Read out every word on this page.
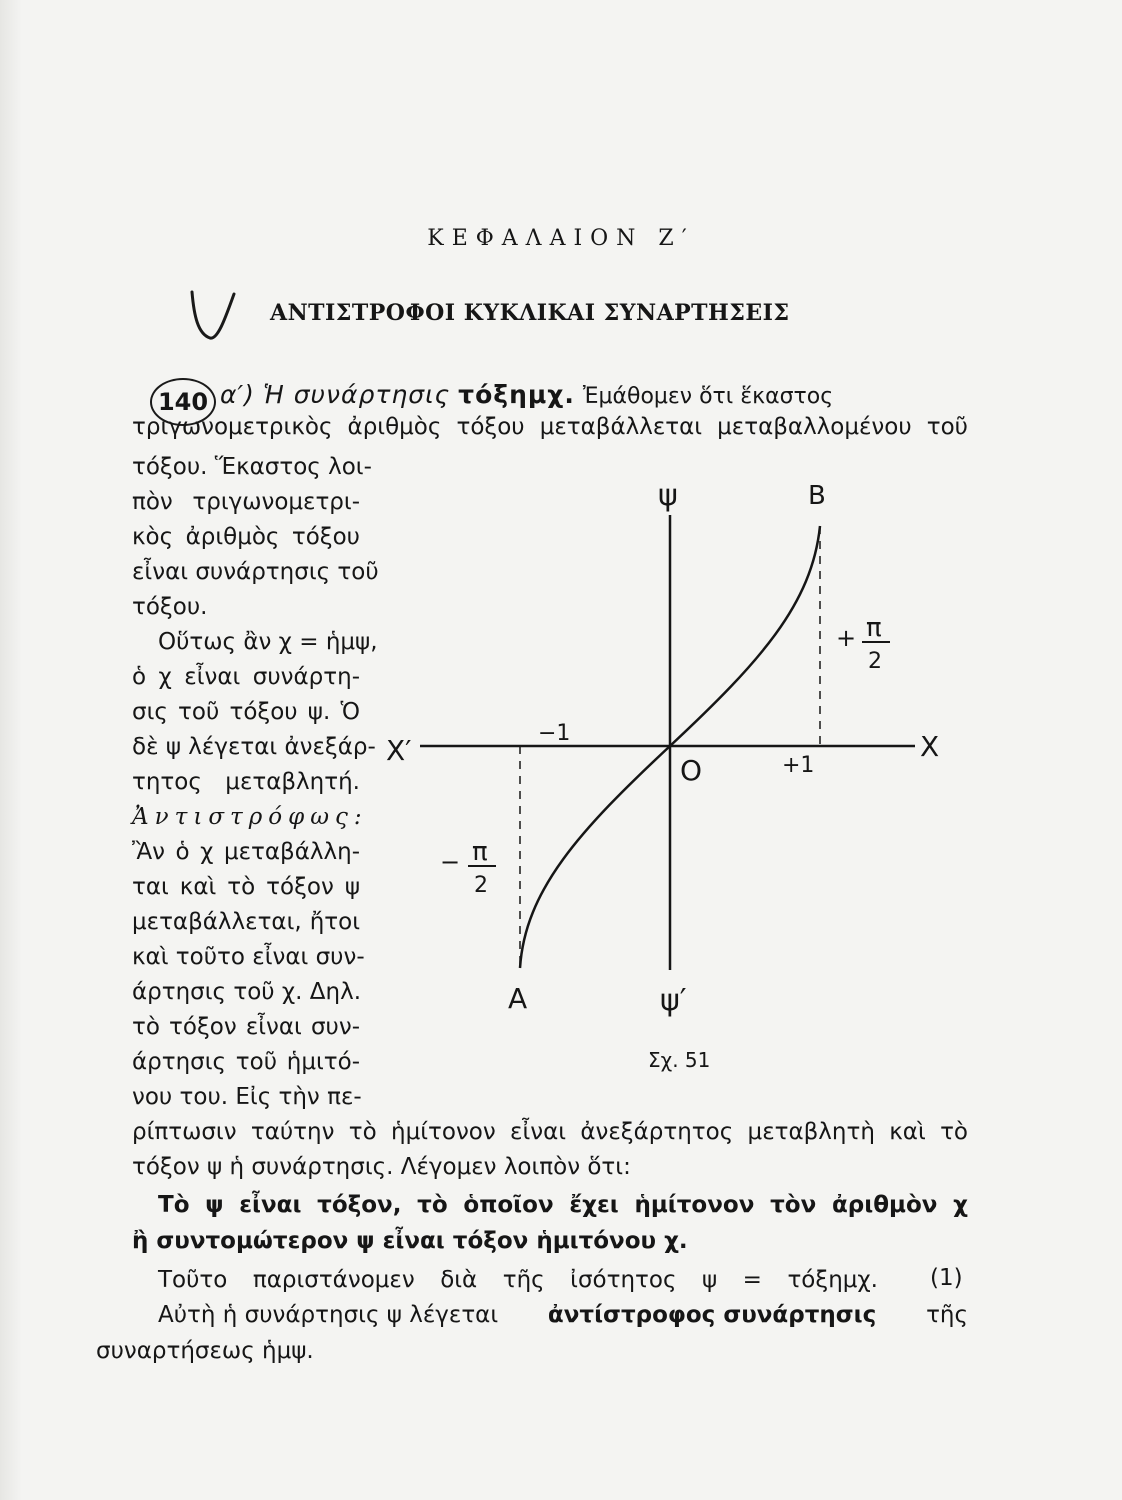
ΚΕΦΑΛΑΙΟΝ Ζ′
ΑΝΤΙΣΤΡΟΦΟΙ ΚΥΚΛΙΚΑΙ ΣΥΝΑΡΤΗΣΕΙΣ
140 α′) Ἡ συνάρτησις τόξημχ. Ἐμάθομεν ὅτι ἕκαστος
τριγωνομετρικὸς ἀριθμὸς τόξου μεταβάλλεται μεταβαλλομένου τοῦ
τόξου. Ἕκαστος λοι-
πὸν τριγωνομετρι-
κὸς ἀριθμὸς τόξου
εἶναι συνάρτησις τοῦ
τόξου.
Οὕτως ἂν χ = ἡμψ,
ὁ χ εἶναι συνάρτη-
σις τοῦ τόξου ψ. Ὁ
δὲ ψ λέγεται ἀνεξάρ-
τητος μεταβλητή.
Ἀντιστρόφως:
Ἂν ὁ χ μεταβάλλη-
ται καὶ τὸ τόξον ψ
μεταβάλλεται, ἤτοι
καὶ τοῦτο εἶναι συν-
άρτησις τοῦ χ. Δηλ.
τὸ τόξον εἶναι συν-
άρτησις τοῦ ἡμιτό-
νου του. Εἰς τὴν πε-
ψ
ψ′
B
A
X
X′
O
−1
+1
+ π
2
− π
2
Σχ. 51
ρίπτωσιν ταύτην τὸ ἡμίτονον εἶναι ἀνεξάρτητος μεταβλητὴ καὶ τὸ
τόξον ψ ἡ συνάρτησις. Λέγομεν λοιπὸν ὅτι:
Τὸ ψ εἶναι τόξον, τὸ ὁποῖον ἔχει ἡμίτονον τὸν ἀριθμὸν χ
ἢ συντομώτερον ψ εἶναι τόξον ἡμιτόνου χ.
Τοῦτο παριστάνομεν διὰ τῆς ἰσότητος ψ = τόξημχ. (1)
Αὐτὴ ἡ συνάρτησις ψ λέγεται ἀντίστροφος συνάρτησις τῆς
συναρτήσεως ἡμψ.
